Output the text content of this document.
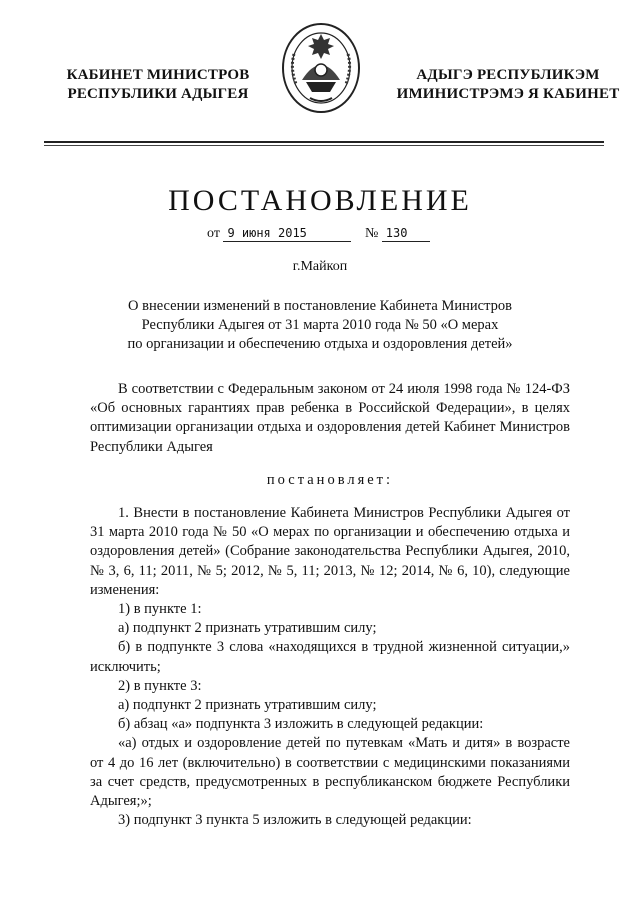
КАБИНЕТ МИНИСТРОВ
РЕСПУБЛИКИ АДЫГЕЯ
АДЫГЭ РЕСПУБЛИКЭМ
ИМИНИСТРЭМЭ Я КАБИНЕТ
ПОСТАНОВЛЕНИЕ
от 9 июня 2015	№ 130
г.Майкоп
О внесении изменений в постановление Кабинета Министров
Республики Адыгея от 31 марта 2010 года № 50 «О мерах
по организации и обеспечению отдыха и оздоровления детей»

В соответствии с Федеральным законом от 24 июля 1998 года № 124-ФЗ «Об основных гарантиях прав ребенка в Российской Федерации», в целях оптимизации организации отдыха и оздоровления детей Кабинет Министров Республики Адыгея

постановляет:

1. Внести в постановление Кабинета Министров Республики Адыгея от 31 марта 2010 года № 50 «О мерах по организации и обеспечению отдыха и оздоровления детей» (Собрание законодательства Республики Адыгея, 2010, № 3, 6, 11; 2011, № 5; 2012, № 5, 11; 2013, № 12; 2014, № 6, 10), следующие изменения:

1) в пункте 1:

а) подпункт 2 признать утратившим силу;

б) в подпункте 3 слова «находящихся в трудной жизненной ситуации,» исключить;

2) в пункте 3:

а) подпункт 2 признать утратившим силу;

б) абзац «а» подпункта 3 изложить в следующей редакции:

«а) отдых и оздоровление детей по путевкам «Мать и дитя» в возрасте от 4 до 16 лет (включительно) в соответствии с медицинскими показаниями за счет средств, предусмотренных в республиканском бюджете Республики Адыгея;»;

3) подпункт 3 пункта 5 изложить в следующей редакции:
